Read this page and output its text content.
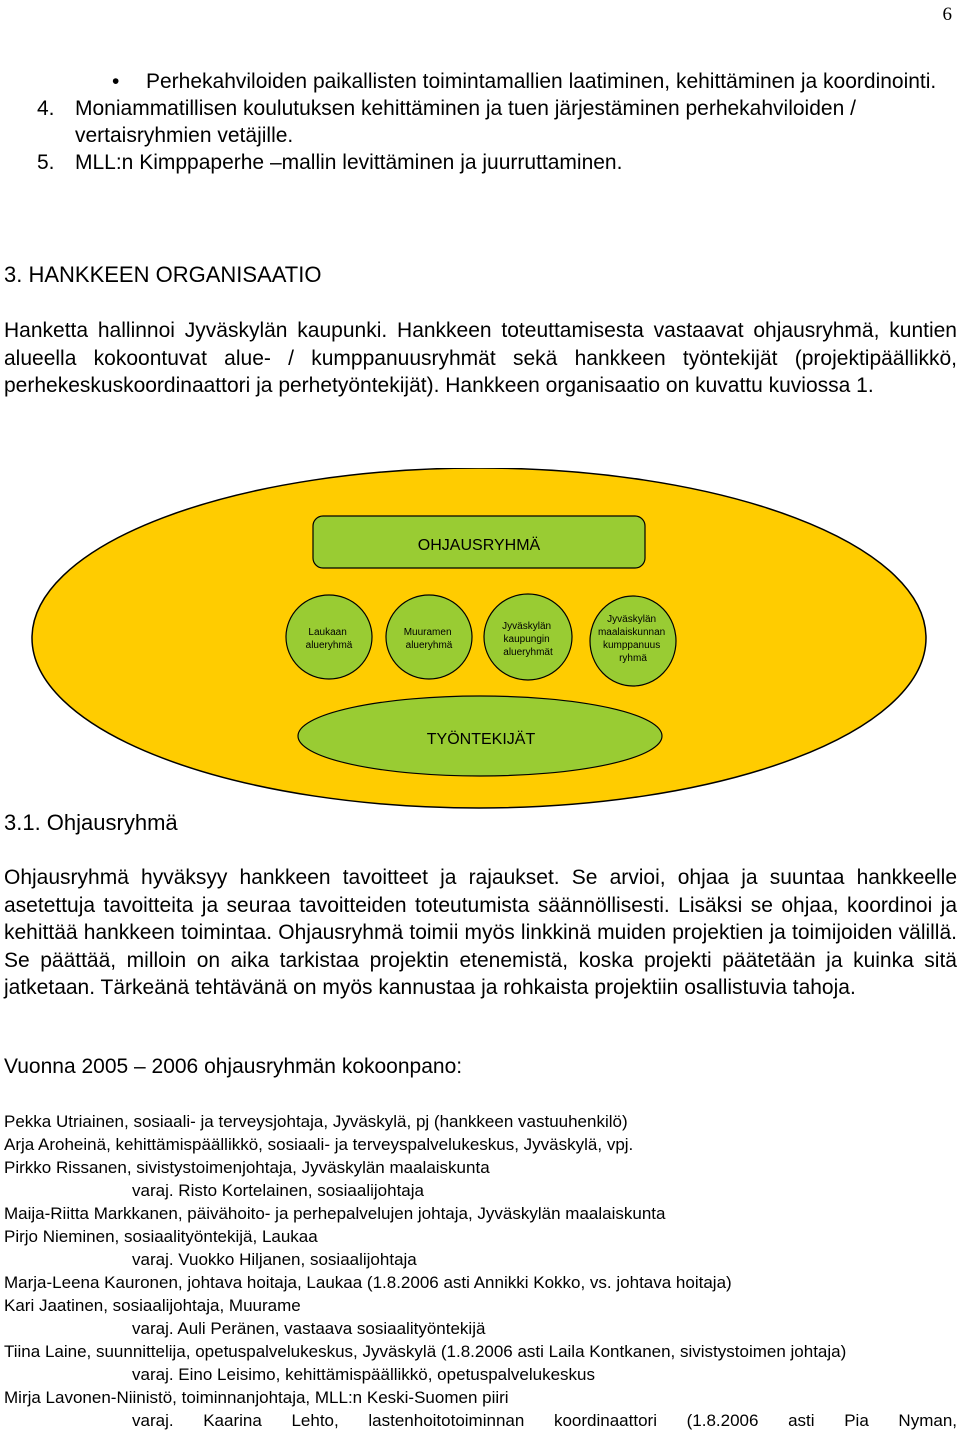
6
• Perhekahviloiden paikallisten toimintamallien laatiminen, kehittäminen ja koordinointi.
4. Moniammatillisen koulutuksen kehittäminen ja tuen järjestäminen perhekahviloiden / vertaisryhmien vetäjille.
5. MLL:n Kimppaperhe –mallin levittäminen ja juurruttaminen.
3. HANKKEEN ORGANISAATIO

Hanketta hallinnoi Jyväskylän kaupunki. Hankkeen toteuttamisesta vastaavat ohjausryhmä, kuntien alueella kokoontuvat alue- / kumppanuusryhmät sekä hankkeen työntekijät (projektipäällikkö, perhekeskuskoordinaattori ja perhetyöntekijät). Hankkeen organisaatio on kuvattu kuviossa 1.

OHJAUSRYHMÄ
Laukaan alueryhmä
Muuramen alueryhmä
Jyväskylän kaupungin alueryhmät
Jyväskylän maalaiskunnan kumppanuus ryhmä
TYÖNTEKIJÄT
3.1. Ohjausryhmä

Ohjausryhmä hyväksyy hankkeen tavoitteet ja rajaukset. Se arvioi, ohjaa ja suuntaa hankkeelle asetettuja tavoitteita ja seuraa tavoitteiden toteutumista säännöllisesti. Lisäksi se ohjaa, koordinoi ja kehittää hankkeen toimintaa. Ohjausryhmä toimii myös linkkinä muiden projektien ja toimijoiden välillä. Se päättää, milloin on aika tarkistaa projektin etenemistä, koska projekti päätetään ja kuinka sitä jatketaan. Tärkeänä tehtävänä on myös kannustaa ja rohkaista projektiin osallistuvia tahoja.

Vuonna 2005 – 2006 ohjausryhmän kokoonpano:
Pekka Utriainen, sosiaali- ja terveysjohtaja, Jyväskylä, pj (hankkeen vastuuhenkilö)
Arja Aroheinä, kehittämispäällikkö, sosiaali- ja terveyspalvelukeskus, Jyväskylä, vpj.
Pirkko Rissanen, sivistystoimenjohtaja, Jyväskylän maalaiskunta
varaj. Risto Kortelainen, sosiaalijohtaja
Maija-Riitta Markkanen, päivähoito- ja perhepalvelujen johtaja, Jyväskylän maalaiskunta
Pirjo Nieminen, sosiaalityöntekijä, Laukaa
varaj. Vuokko Hiljanen, sosiaalijohtaja
Marja-Leena Kauronen, johtava hoitaja, Laukaa (1.8.2006 asti Annikki Kokko, vs. johtava hoitaja)
Kari Jaatinen, sosiaalijohtaja, Muurame
varaj. Auli Peränen, vastaava sosiaalityöntekijä
Tiina Laine, suunnittelija, opetuspalvelukeskus, Jyväskylä (1.8.2006 asti Laila Kontkanen, sivistystoimen johtaja)
varaj. Eino Leisimo, kehittämispäällikkö, opetuspalvelukeskus
Mirja Lavonen-Niinistö, toiminnanjohtaja, MLL:n Keski-Suomen piiri
varaj. Kaarina Lehto, lastenhoitotoiminnan koordinaattori (1.8.2006 asti Pia Nyman,
